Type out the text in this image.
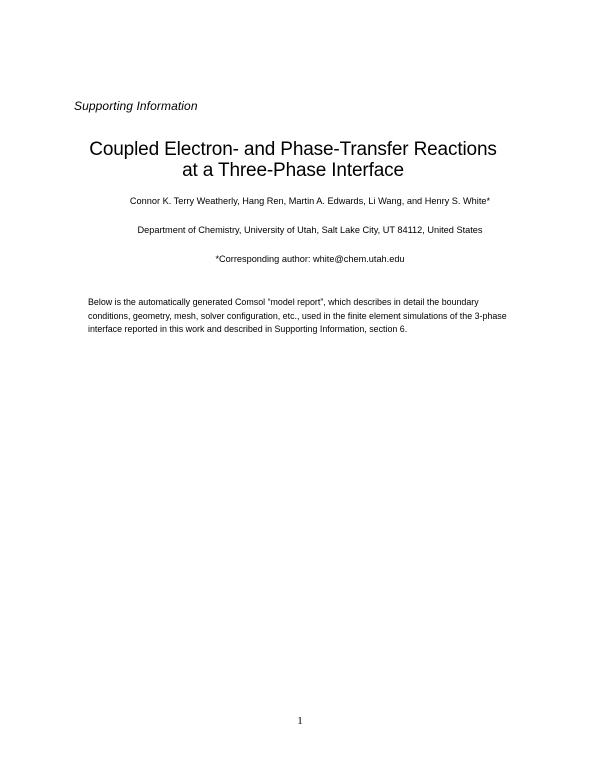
Supporting Information
Coupled Electron- and Phase-Transfer Reactions
at a Three-Phase Interface
Connor K. Terry Weatherly, Hang Ren, Martin A. Edwards, Li Wang, and Henry S. White*
Department of Chemistry, University of Utah, Salt Lake City, UT 84112, United States
*Corresponding author: white@chem.utah.edu
Below is the automatically generated Comsol “model report”, which describes in detail the boundary conditions, geometry, mesh, solver configuration, etc., used in the finite element simulations of the 3-phase interface reported in this work and described in Supporting Information, section 6.
1
